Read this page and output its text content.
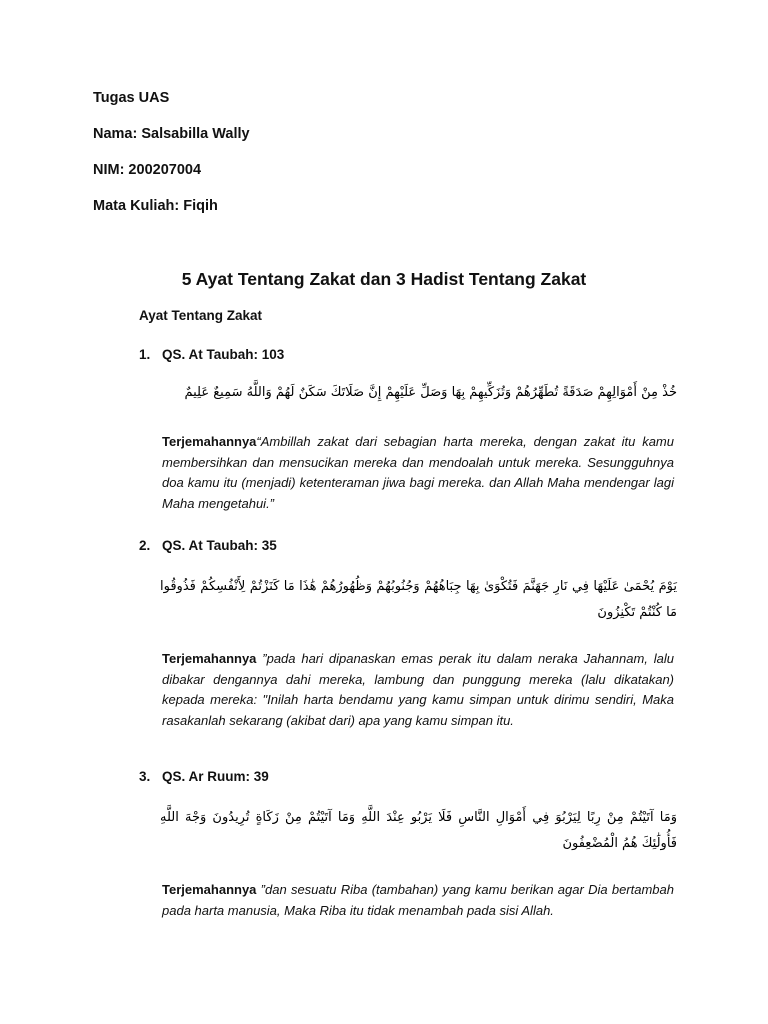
Tugas UAS
Nama: Salsabilla Wally
NIM: 200207004
Mata Kuliah: Fiqih
5 Ayat Tentang Zakat dan 3 Hadist Tentang Zakat
Ayat Tentang Zakat
1. QS. At Taubah: 103
خُذْ مِنْ أَمْوَالِهِمْ صَدَقَةً تُطَهِّرُهُمْ وَتُزَكِّيهِمْ بِهَا وَصَلِّ عَلَيْهِمْ إِنَّ صَلَاتَكَ سَكَنٌ لَهُمْ وَاللَّهُ سَمِيعٌ عَلِيمٌ
Terjemahannya“Ambillah zakat dari sebagian harta mereka, dengan zakat itu kamu membersihkan dan mensucikan mereka dan mendoalah untuk mereka. Sesungguhnya doa kamu itu (menjadi) ketenteraman jiwa bagi mereka. dan Allah Maha mendengar lagi Maha mengetahui.”
2. QS. At Taubah: 35
يَوْمَ يُحْمَىٰ عَلَيْهَا فِي نَارِ جَهَنَّمَ فَتُكْوَىٰ بِهَا جِبَاهُهُمْ وَجُنُوبُهُمْ وَظُهُورُهُمْ هَٰذَا مَا كَنَزْتُمْ لِأَنْفُسِكُمْ فَذُوقُوا مَا كُنْتُمْ تَكْنِزُونَ
Terjemahannya ”pada hari dipanaskan emas perak itu dalam neraka Jahannam, lalu dibakar dengannya dahi mereka, lambung dan punggung mereka (lalu dikatakan) kepada mereka: "Inilah harta bendamu yang kamu simpan untuk dirimu sendiri, Maka rasakanlah sekarang (akibat dari) apa yang kamu simpan itu.
3. QS. Ar Ruum: 39
وَمَا آتَيْتُمْ مِنْ رِبًا لِيَرْبُوَ فِي أَمْوَالِ النَّاسِ فَلَا يَرْبُو عِنْدَ اللَّهِ وَمَا آتَيْتُمْ مِنْ زَكَاةٍ تُرِيدُونَ وَجْهَ اللَّهِ فَأُولَٰئِكَ هُمُ الْمُضْعِفُونَ
Terjemahannya ”dan sesuatu Riba (tambahan) yang kamu berikan agar Dia bertambah pada harta manusia, Maka Riba itu tidak menambah pada sisi Allah.
